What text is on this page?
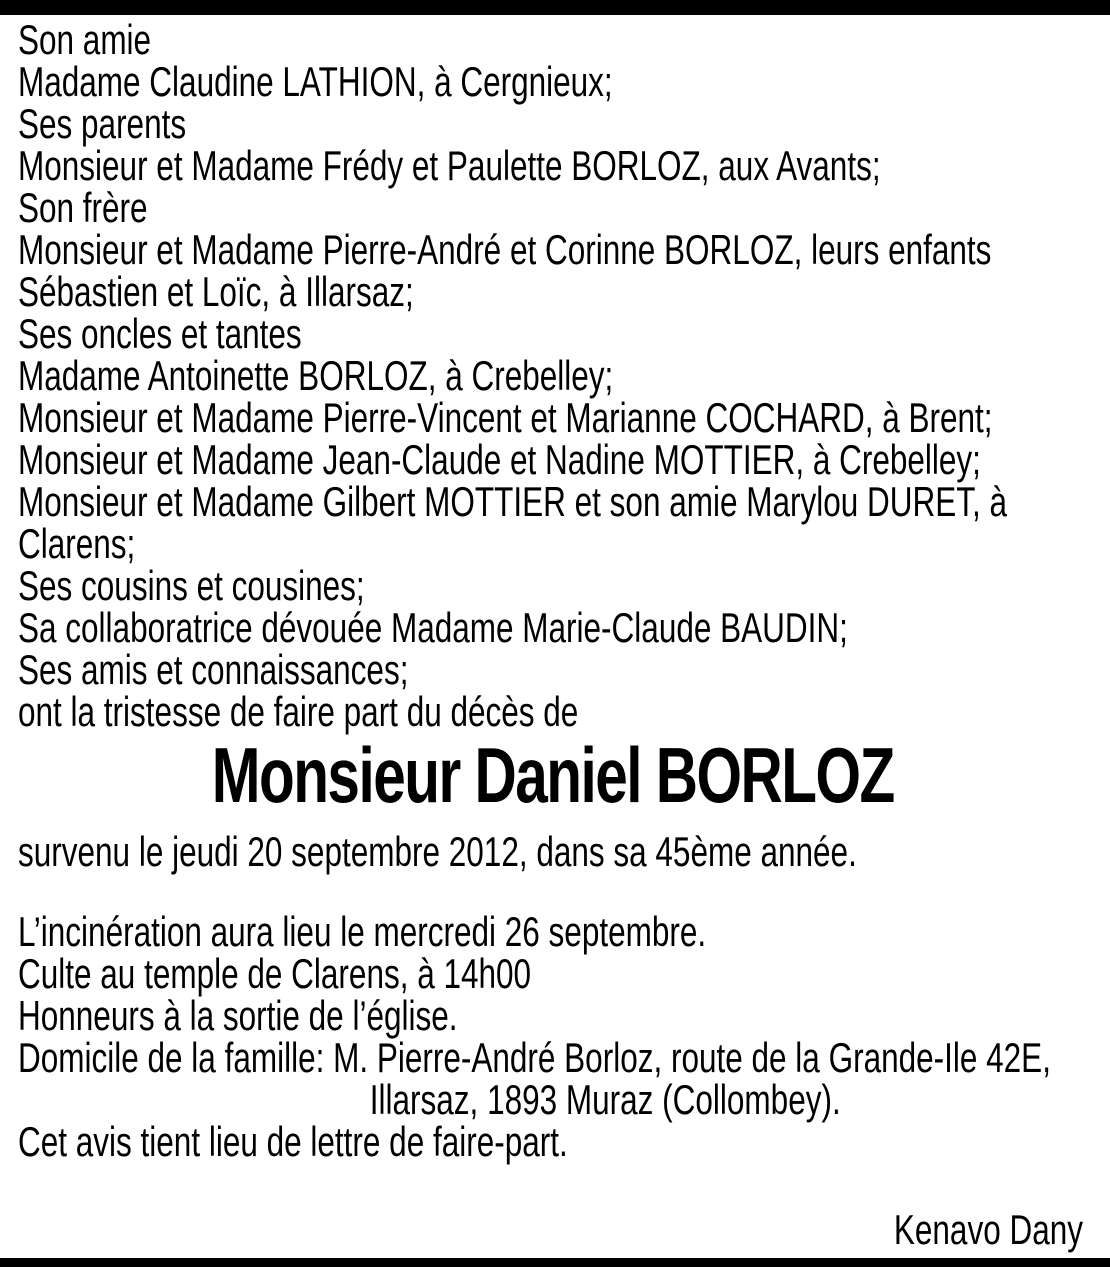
Son amie
Madame Claudine LATHION, à Cergnieux;
Ses parents
Monsieur et Madame Frédy et Paulette BORLOZ, aux Avants;
Son frère
Monsieur et Madame Pierre-André et Corinne BORLOZ, leurs enfants
Sébastien et Loïc, à Illarsaz;
Ses oncles et tantes
Madame Antoinette BORLOZ, à Crebelley;
Monsieur et Madame Pierre-Vincent et Marianne COCHARD, à Brent;
Monsieur et Madame Jean-Claude et Nadine MOTTIER, à Crebelley;
Monsieur et Madame Gilbert MOTTIER et son amie Marylou DURET, à
Clarens;
Ses cousins et cousines;
Sa collaboratrice dévouée Madame Marie-Claude BAUDIN;
Ses amis et connaissances;
ont la tristesse de faire part du décès de
Monsieur Daniel BORLOZ
survenu le jeudi 20 septembre 2012, dans sa 45ème année.
L’incinération aura lieu le mercredi 26 septembre.
Culte au temple de Clarens, à 14h00
Honneurs à la sortie de l’église.
Domicile de la famille: M. Pierre-André Borloz, route de la Grande-Ile 42E,
Illarsaz, 1893 Muraz (Collombey).
Cet avis tient lieu de lettre de faire-part.
Kenavo Dany
